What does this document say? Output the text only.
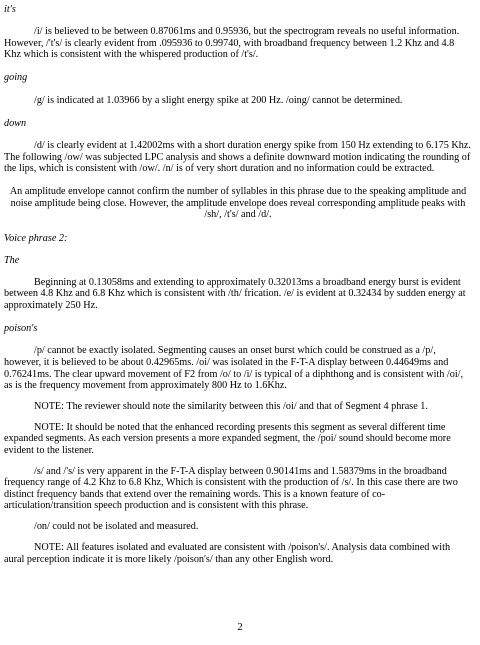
it's
/i/ is believed to be between 0.87061ms and 0.95936, but the spectrogram reveals no useful information. However, /'t's/ is clearly evident from .095936 to 0.99740, with broadband frequency between 1.2 Khz and 4.8 Khz which is consistent with the whispered production of /t's/.
going
/g/ is indicated at 1.03966 by a slight energy spike at 200 Hz. /oing/ cannot be determined.
down
/d/ is clearly evident at 1.42002ms with a short duration energy spike from 150 Hz extending to 6.175 Khz. The following /ow/ was subjected LPC analysis and shows a definite downward motion indicating the rounding of the lips, which is consistent with /ow/. /n/ is of very short duration and no information could be extracted.
An amplitude envelope cannot confirm the number of syllables in this phrase due to the speaking amplitude and noise amplitude being close. However, the amplitude envelope does reveal corresponding amplitude peaks with /sh/, /t's/ and /d/.
Voice phrase 2:
The
Beginning at 0.13058ms and extending to approximately 0.32013ms a broadband energy burst is evident between 4.8 Khz and 6.8 Khz which is consistent with /th/ frication. /e/ is evident at 0.32434 by sudden energy at approximately 250 Hz.
poison's
/p/ cannot be exactly isolated. Segmenting causes an onset burst which could be construed as a /p/, however, it is believed to be about 0.42965ms. /oi/ was isolated in the F-T-A display between 0.44649ms and 0.76241ms. The clear upward movement of F2 from /o/ to /i/ is typical of a diphthong and is consistent with /oi/, as is the frequency movement from approximately 800 Hz to 1.6Khz.
NOTE: The reviewer should note the similarity between this /oi/ and that of Segment 4 phrase 1.
NOTE: It should be noted that the enhanced recording presents this segment as several different time expanded segments. As each version presents a more expanded segment, the /poi/ sound should become more evident to the listener.
/s/ and /'s/ is very apparent in the F-T-A display between 0.90141ms and 1.58379ms in the broadband frequency range of 4.2 Khz to 6.8 Khz, Which is consistent with the production of /s/. In this case there are two distinct frequency bands that extend over the remaining words. This is a known feature of co-articulation/transition speech production and is consistent with this phrase.
/on/ could not be isolated and measured.
NOTE: All features isolated and evaluated are consistent with /poison's/. Analysis data combined with aural perception indicate it is more likely /poison's/ than any other English word.
2
